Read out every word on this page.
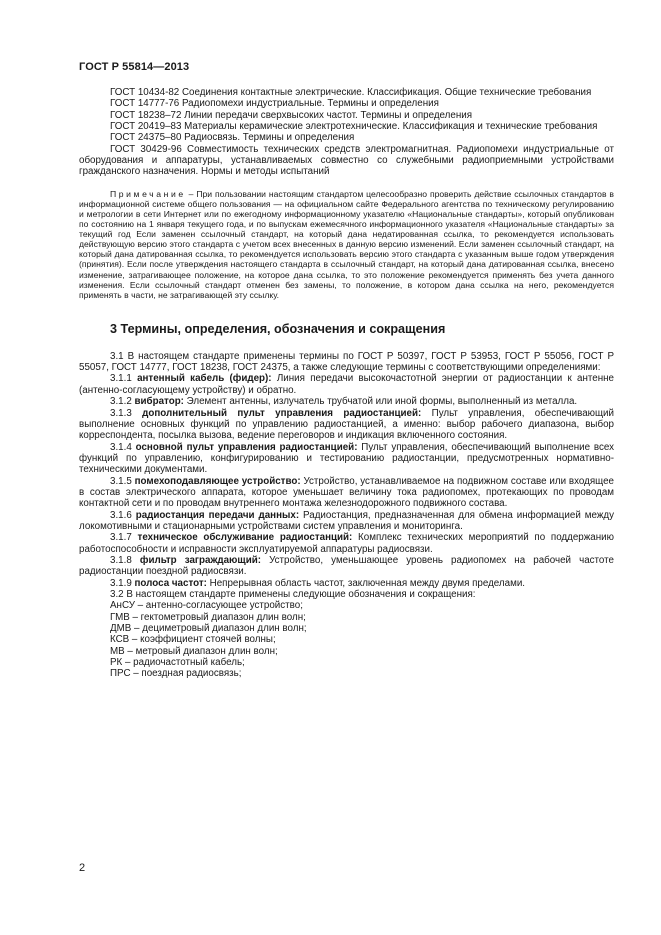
ГОСТ Р 55814—2013

ГОСТ 10434-82 Соединения контактные электрические. Классификация. Общие технические требования

ГОСТ 14777-76 Радиопомехи индустриальные. Термины и определения

ГОСТ 18238–72 Линии передачи сверхвысоких частот. Термины и определения

ГОСТ 20419–83 Материалы керамические электротехнические. Классификация и технические требования

ГОСТ 24375–80 Радиосвязь. Термины и определения

ГОСТ 30429-96 Совместимость технических средств электромагнитная. Радиопомехи индустриальные от оборудования и аппаратуры, устанавливаемых совместно со служебными радиоприемными устройствами гражданского назначения. Нормы и методы испытаний

Примечание – При пользовании настоящим стандартом целесообразно проверить действие ссылочных стандартов в информационной системе общего пользования — на официальном сайте Федерального агентства по техническому регулированию и метрологии в сети Интернет или по ежегодному информационному указателю «Национальные стандарты», который опубликован по состоянию на 1 января текущего года, и по выпускам ежемесячного информационного указателя «Национальные стандарты» за текущий год Если заменен ссылочный стандарт, на который дана недатированная ссылка, то рекомендуется использовать действующую версию этого стандарта с учетом всех внесенных в данную версию изменений. Если заменен ссылочный стандарт, на который дана датированная ссылка, то рекомендуется использовать версию этого стандарта с указанным выше годом утверждения (принятия). Если после утверждения настоящего стандарта в ссылочный стандарт, на который дана датированная ссылка, внесено изменение, затрагивающее положение, на которое дана ссылка, то это положение рекомендуется применять без учета данного изменения. Если ссылочный стандарт отменен без замены, то положение, в котором дана ссылка на него, рекомендуется применять в части, не затрагивающей эту ссылку.

3 Термины, определения, обозначения и сокращения

3.1 В настоящем стандарте применены термины по ГОСТ Р 50397, ГОСТ Р 53953, ГОСТ Р 55056, ГОСТ Р 55057, ГОСТ 14777, ГОСТ 18238, ГОСТ 24375, а также следующие термины с соответствующими определениями:

3.1.1 антенный кабель (фидер): Линия передачи высокочастотной энергии от радиостанции к антенне (антенно-согласующему устройству) и обратно.

3.1.2 вибратор: Элемент антенны, излучатель трубчатой или иной формы, выполненный из металла.

3.1.3 дополнительный пульт управления радиостанцией: Пульт управления, обеспечивающий выполнение основных функций по управлению радиостанцией, а именно: выбор рабочего диапазона, выбор корреспондента, посылка вызова, ведение переговоров и индикация включенного состояния.

3.1.4 основной пульт управления радиостанцией: Пульт управления, обеспечивающий выполнение всех функций по управлению, конфигурированию и тестированию радиостанции, предусмотренных нормативно-техническими документами.

3.1.5 помехоподавляющее устройство: Устройство, устанавливаемое на подвижном составе или входящее в состав электрического аппарата, которое уменьшает величину тока радиопомех, протекающих по проводам контактной сети и по проводам внутреннего монтажа железнодорожного подвижного состава.

3.1.6 радиостанция передачи данных: Радиостанция, предназначенная для обмена информацией между локомотивными и стационарными устройствами систем управления и мониторинга.

3.1.7 техническое обслуживание радиостанций: Комплекс технических мероприятий по поддержанию работоспособности и исправности эксплуатируемой аппаратуры радиосвязи.

3.1.8 фильтр заграждающий: Устройство, уменьшающее уровень радиопомех на рабочей частоте радиостанции поездной радиосвязи.

3.1.9 полоса частот: Непрерывная область частот, заключенная между двумя пределами.

3.2 В настоящем стандарте применены следующие обозначения и сокращения:

АнСУ – антенно-согласующее устройство;

ГМВ – гектометровый диапазон длин волн;

ДМВ – дециметровый диапазон длин волн;

КСВ – коэффициент стоячей волны;

МВ – метровый диапазон длин волн;

РК – радиочастотный кабель;

ПРС – поездная радиосвязь;

2
